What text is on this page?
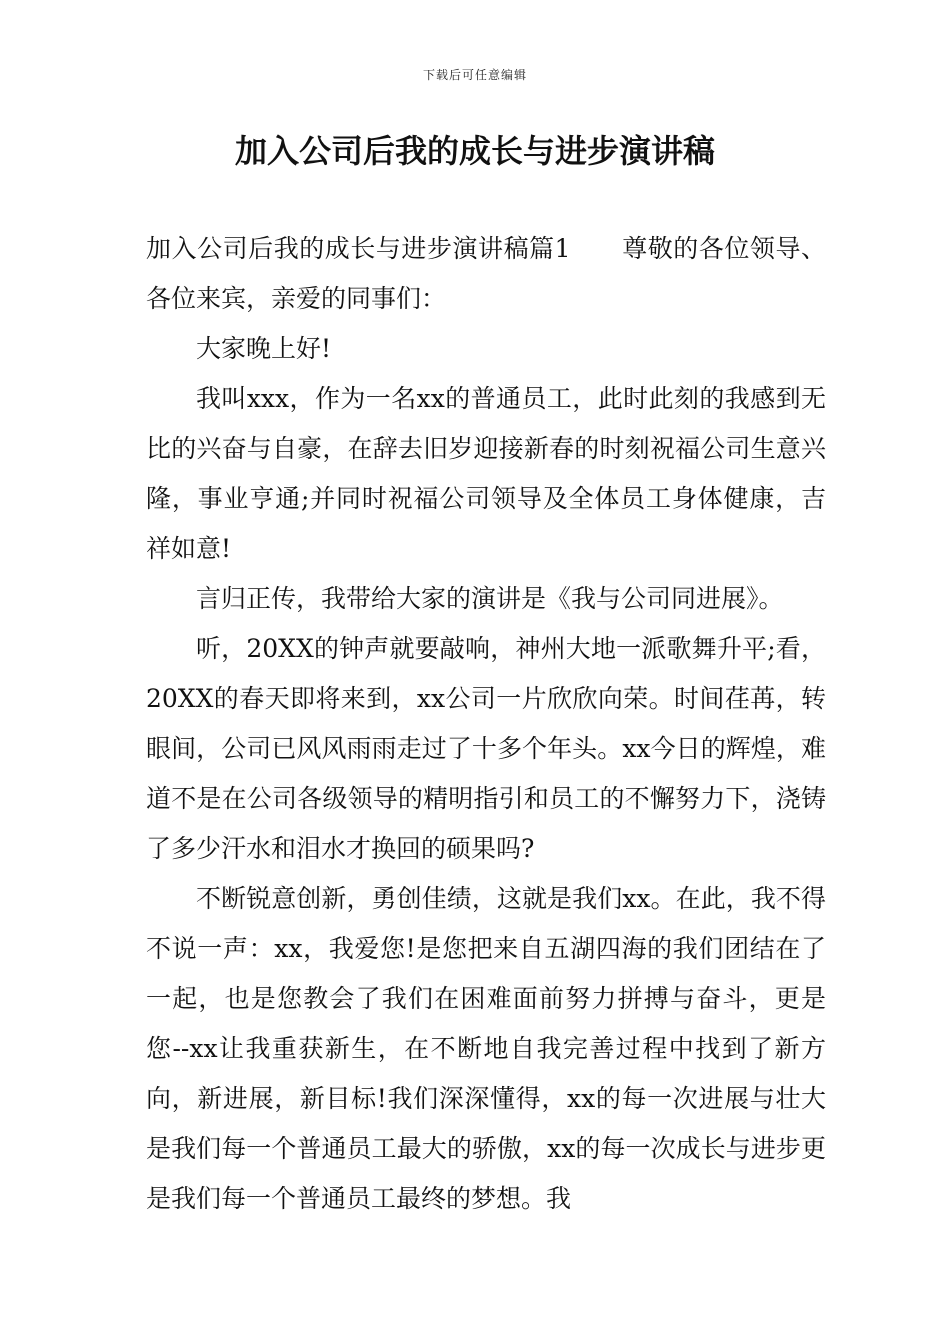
下载后可任意编辑
加入公司后我的成长与进步演讲稿

加入公司后我的成长与进步演讲稿篇1　　尊敬的各位领导、各位来宾，亲爱的同事们：

大家晚上好!

我叫xxx，作为一名xx的普通员工，此时此刻的我感到无比的兴奋与自豪，在辞去旧岁迎接新春的时刻祝福公司生意兴隆，事业亨通;并同时祝福公司领导及全体员工身体健康，吉祥如意!

言归正传，我带给大家的演讲是《我与公司同进展》。

听，20XX的钟声就要敲响，神州大地一派歌舞升平;看，20XX的春天即将来到，xx公司一片欣欣向荣。时间荏苒，转眼间，公司已风风雨雨走过了十多个年头。xx今日的辉煌，难道不是在公司各级领导的精明指引和员工的不懈努力下，浇铸了多少汗水和泪水才换回的硕果吗?

不断锐意创新，勇创佳绩，这就是我们xx。在此，我不得不说一声：xx，我爱您!是您把来自五湖四海的我们团结在了一起，也是您教会了我们在困难面前努力拼搏与奋斗，更是您--xx让我重获新生，在不断地自我完善过程中找到了新方向，新进展，新目标!我们深深懂得，xx的每一次进展与壮大是我们每一个普通员工最大的骄傲，xx的每一次成长与进步更是我们每一个普通员工最终的梦想。我
